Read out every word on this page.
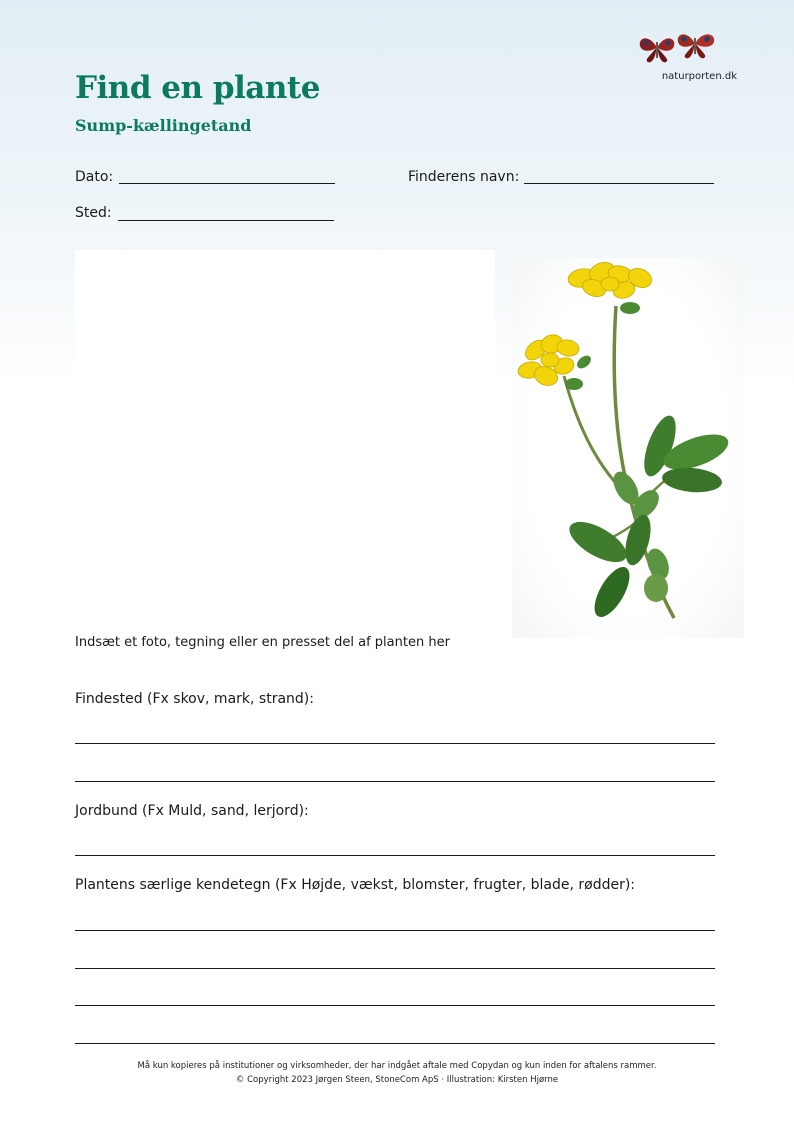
naturporten.dk
Find en plante
Sump-kællingetand
Dato:	Finderens navn:
Sted:
Indsæt et foto, tegning eller en presset del af planten her
Findested (Fx skov, mark, strand):
Jordbund (Fx Muld, sand, lerjord):
Plantens særlige kendetegn (Fx Højde, vækst, blomster, frugter, blade, rødder):
Må kun kopieres på institutioner og virksomheder, der har indgået aftale med Copydan og kun inden for aftalens rammer.
© Copyright 2023 Jørgen Steen, StoneCom ApS · Illustration: Kirsten Hjørne
